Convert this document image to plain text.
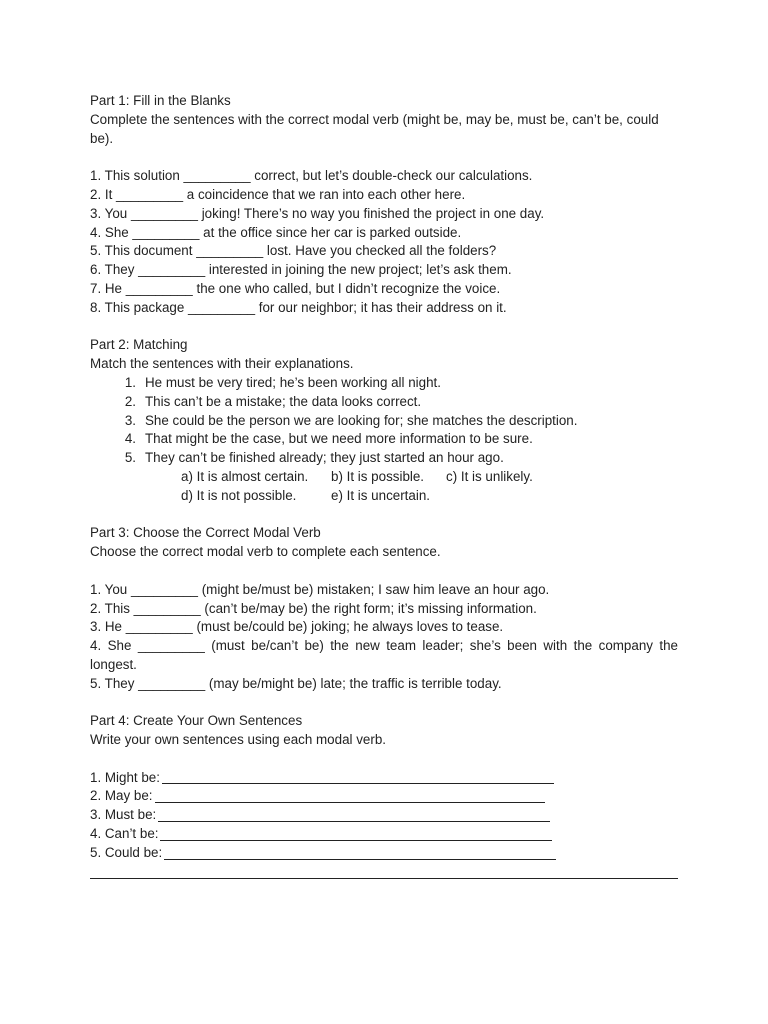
Part 1: Fill in the Blanks
Complete the sentences with the correct modal verb (might be, may be, must be, can’t be, could be).
1. This solution _________ correct, but let’s double-check our calculations.
2. It _________ a coincidence that we ran into each other here.
3. You _________ joking! There’s no way you finished the project in one day.
4. She _________ at the office since her car is parked outside.
5. This document _________ lost. Have you checked all the folders?
6. They _________ interested in joining the new project; let’s ask them.
7. He _________ the one who called, but I didn’t recognize the voice.
8. This package _________ for our neighbor; it has their address on it.
Part 2: Matching
Match the sentences with their explanations.
1. He must be very tired; he’s been working all night.
2. This can’t be a mistake; the data looks correct.
3. She could be the person we are looking for; she matches the description.
4. That might be the case, but we need more information to be sure.
5. They can’t be finished already; they just started an hour ago.
a) It is almost certain. b) It is possible. c) It is unlikely.
d) It is not possible.	e) It is uncertain.
Part 3: Choose the Correct Modal Verb
Choose the correct modal verb to complete each sentence.
1. You _________ (might be/must be) mistaken; I saw him leave an hour ago.
2. This _________ (can’t be/may be) the right form; it’s missing information.
3. He _________ (must be/could be) joking; he always loves to tease.
4. She _________ (must be/can’t be) the new team leader; she’s been with the company the longest.
5. They _________ (may be/might be) late; the traffic is terrible today.
Part 4: Create Your Own Sentences
Write your own sentences using each modal verb.
1. Might be:
2. May be:
3. Must be:
4. Can’t be:
5. Could be:
